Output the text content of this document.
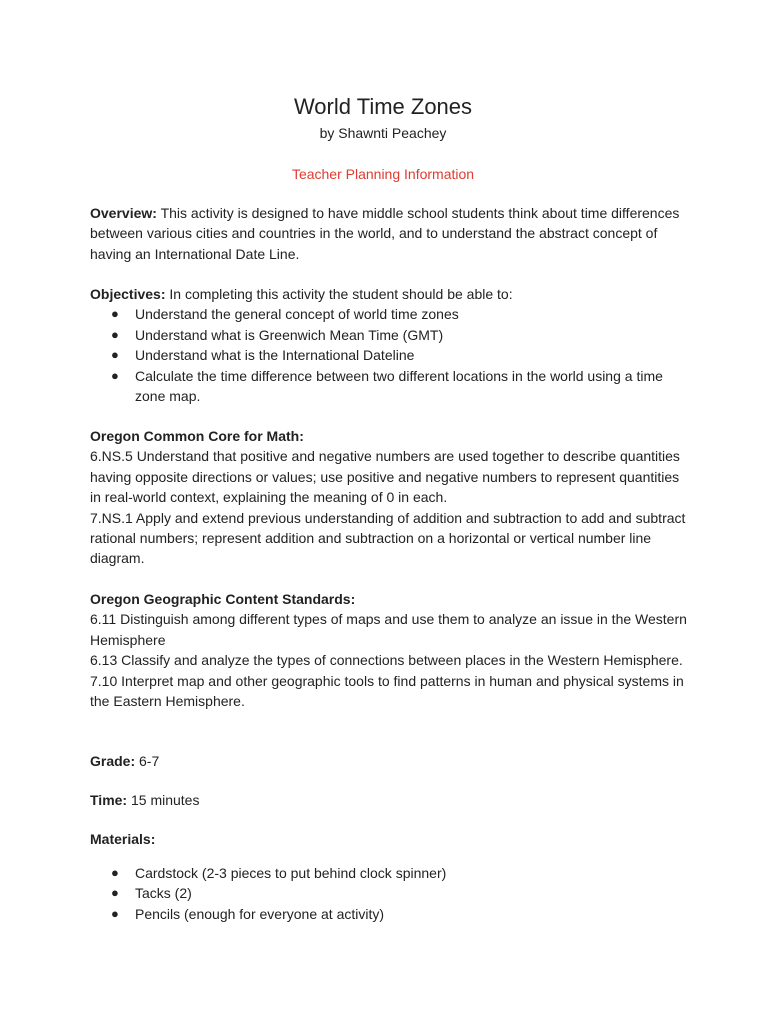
World Time Zones
by Shawnti Peachey
Teacher Planning Information

Overview: This activity is designed to have middle school students think about time differences between various cities and countries in the world, and to understand the abstract concept of having an International Date Line.

Objectives: In completing this activity the student should be able to:

● Understand the general concept of world time zones
● Understand what is Greenwich Mean Time (GMT)
● Understand what is the International Dateline
● Calculate the time difference between two different locations in the world using a time zone map.

Oregon Common Core for Math:

6.NS.5 Understand that positive and negative numbers are used together to describe quantities having opposite directions or values; use positive and negative numbers to represent quantities in real-world context, explaining the meaning of 0 in each.

7.NS.1 Apply and extend previous understanding of addition and subtraction to add and subtract rational numbers; represent addition and subtraction on a horizontal or vertical number line diagram.

Oregon Geographic Content Standards:

6.11 Distinguish among different types of maps and use them to analyze an issue in the Western Hemisphere

6.13 Classify and analyze the types of connections between places in the Western Hemisphere.

7.10 Interpret map and other geographic tools to find patterns in human and physical systems in the Eastern Hemisphere.

Grade: 6-7

Time: 15 minutes

Materials:

● Cardstock (2-3 pieces to put behind clock spinner)
● Tacks (2)
● Pencils (enough for everyone at activity)
